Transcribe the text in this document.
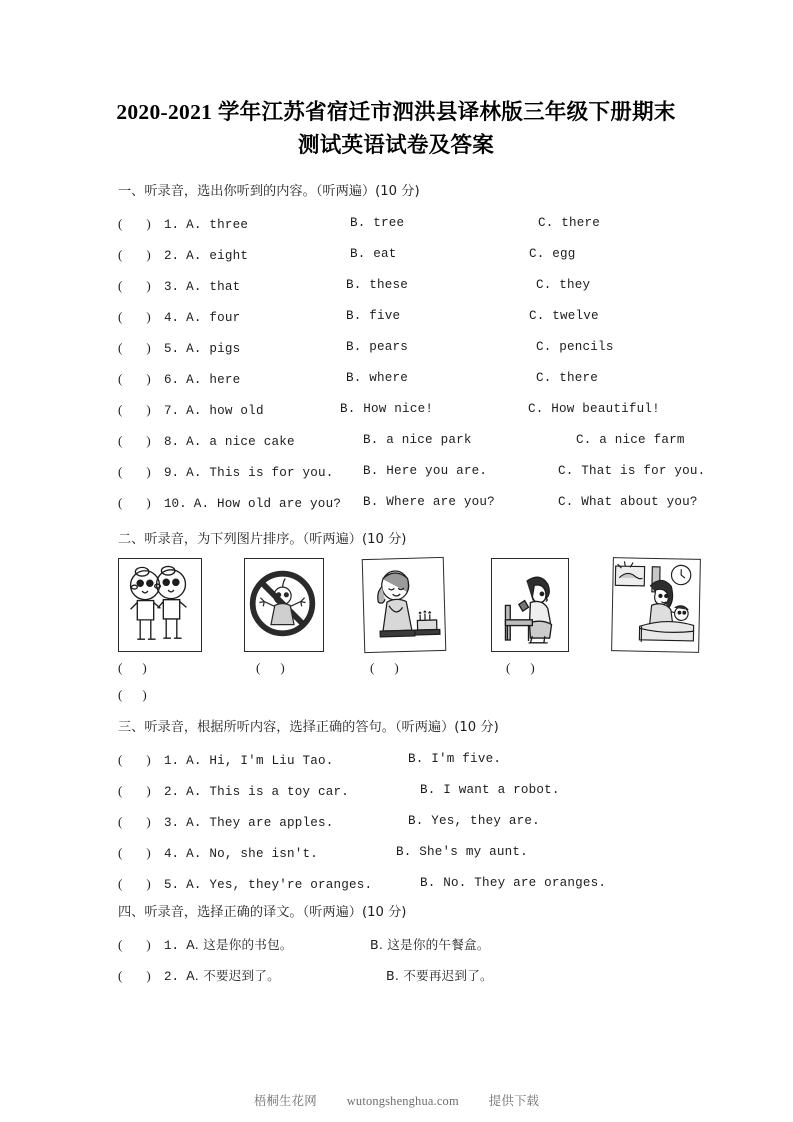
2020-2021 学年江苏省宿迁市泗洪县译林版三年级下册期末
测试英语试卷及答案

一、听录音，选出你听到的内容。（听两遍）(10 分)

( ) 1. A. three	B. tree	C. there
( ) 2. A. eight	B. eat	C. egg
( ) 3. A. that	B. these	C. they
( ) 4. A. four	B. five	C. twelve
( ) 5. A. pigs	B. pears	C. pencils
( ) 6. A. here	B. where	C. there
( ) 7. A. how old	B. How nice!	C. How beautiful!
( ) 8. A. a nice cake	B. a nice park	C. a nice farm
( ) 9. A. This is for you. B. Here you are.	C. That is for you.
( ) 10. A. How old are you? B. Where are you?	C. What about you?

二、听录音，为下列图片排序。（听两遍）(10 分)

( )	( )	( )	( )
( )

三、听录音，根据所听内容，选择正确的答句。（听两遍）(10 分)

( ) 1. A. Hi, I'm Liu Tao.	B. I'm five.
( ) 2. A. This is a toy car.	B. I want a robot.
( ) 3. A. They are apples.	B. Yes, they are.
( ) 4. A. No, she isn't.	B. She's my aunt.
( ) 5. A. Yes, they're oranges.	B. No. They are oranges.

四、听录音，选择正确的译文。（听两遍）(10 分)

( ) 1. A. 这是你的书包。	B. 这是你的午餐盒。
( ) 2. A. 不要迟到了。	B. 不要再迟到了。
梧桐生花网 wutongshenghua.com 提供下载
